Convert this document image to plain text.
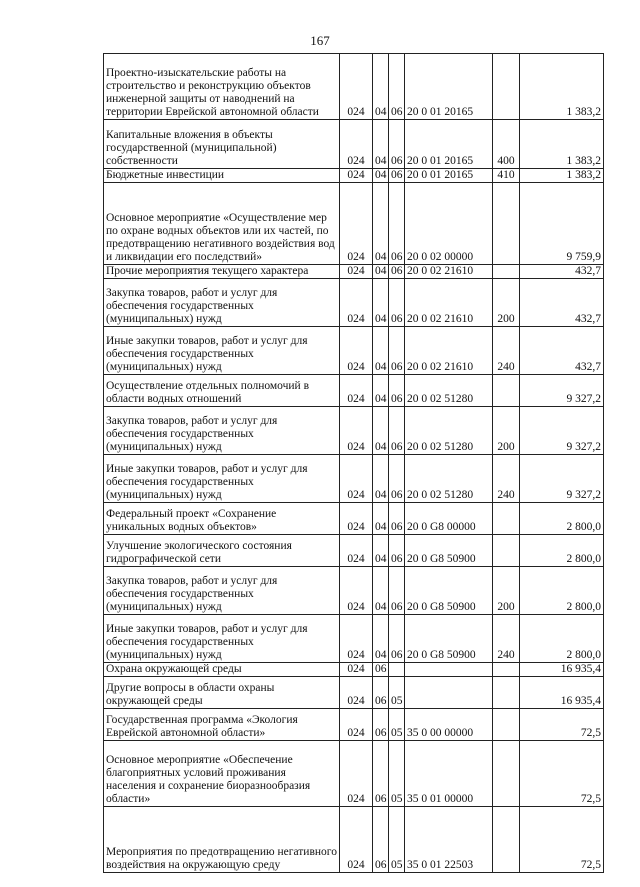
167
Проектно-изыскательские работы на строительство и реконструкцию объектов инженерной защиты от наводнений на территории Еврейской автономной области	024	04	06	20 0 01 20165		1 383,2
Капитальные вложения в объекты государственной (муниципальной) собственности	024	04	06	20 0 01 20165	400	1 383,2
Бюджетные инвестиции	024	04	06	20 0 01 20165	410	1 383,2
Основное мероприятие «Осуществление мер по охране водных объектов или их частей, по предотвращению негативного воздействия вод и ликвидации его последствий»	024	04	06	20 0 02 00000		9 759,9
Прочие мероприятия текущего характера	024	04	06	20 0 02 21610		432,7
Закупка товаров, работ и услуг для обеспечения государственных (муниципальных) нужд	024	04	06	20 0 02 21610	200	432,7
Иные закупки товаров, работ и услуг для обеспечения государственных (муниципальных) нужд	024	04	06	20 0 02 21610	240	432,7
Осуществление отдельных полномочий в области водных отношений	024	04	06	20 0 02 51280		9 327,2
Закупка товаров, работ и услуг для обеспечения государственных (муниципальных) нужд	024	04	06	20 0 02 51280	200	9 327,2
Иные закупки товаров, работ и услуг для обеспечения государственных (муниципальных) нужд	024	04	06	20 0 02 51280	240	9 327,2
Федеральный проект «Сохранение уникальных водных объектов»	024	04	06	20 0 G8 00000		2 800,0
Улучшение экологического состояния гидрографической сети	024	04	06	20 0 G8 50900		2 800,0
Закупка товаров, работ и услуг для обеспечения государственных (муниципальных) нужд	024	04	06	20 0 G8 50900	200	2 800,0
Иные закупки товаров, работ и услуг для обеспечения государственных (муниципальных) нужд	024	04	06	20 0 G8 50900	240	2 800,0
Охрана окружающей среды	024	06				16 935,4
Другие вопросы в области охраны окружающей среды	024	06	05			16 935,4
Государственная программа «Экология Еврейской автономной области»	024	06	05	35 0 00 00000		72,5
Основное мероприятие «Обеспечение благоприятных условий проживания населения и сохранение биоразнообразия области»	024	06	05	35 0 01 00000		72,5
Мероприятия по предотвращению негативного воздействия на окружающую среду	024	06	05	35 0 01 22503		72,5
